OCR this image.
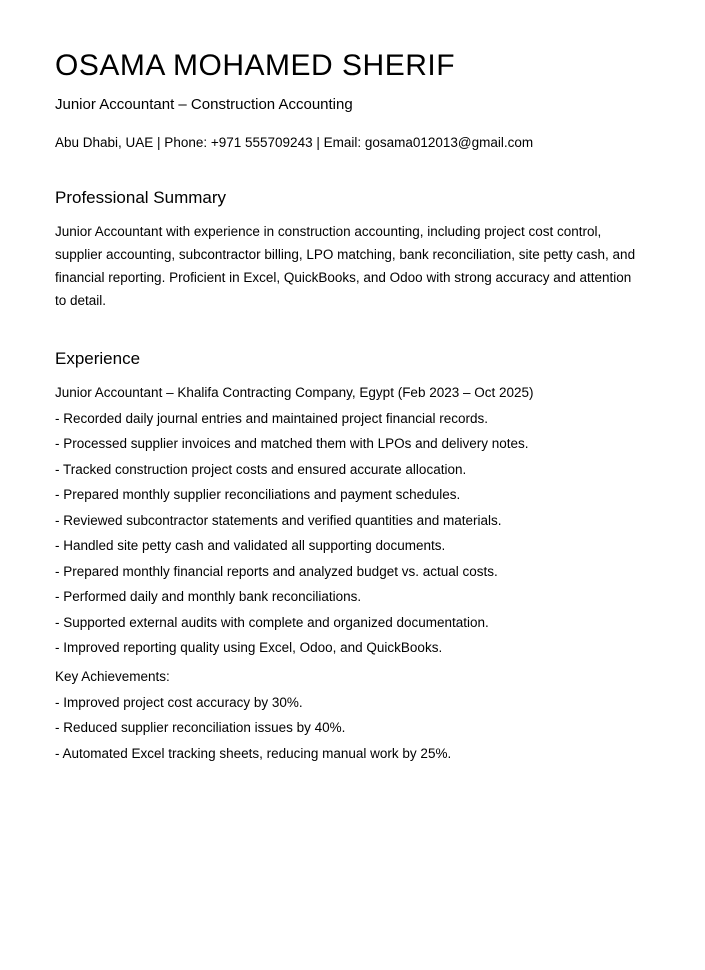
OSAMA MOHAMED SHERIF

Junior Accountant – Construction Accounting

Abu Dhabi, UAE | Phone: +971 555709243 | Email: gosama012013@gmail.com

Professional Summary

Junior Accountant with experience in construction accounting, including project cost control, supplier accounting, subcontractor billing, LPO matching, bank reconciliation, site petty cash, and financial reporting. Proficient in Excel, QuickBooks, and Odoo with strong accuracy and attention to detail.

Experience

Junior Accountant – Khalifa Contracting Company, Egypt (Feb 2023 – Oct 2025)

- Recorded daily journal entries and maintained project financial records.

- Processed supplier invoices and matched them with LPOs and delivery notes.

- Tracked construction project costs and ensured accurate allocation.

- Prepared monthly supplier reconciliations and payment schedules.

- Reviewed subcontractor statements and verified quantities and materials.

- Handled site petty cash and validated all supporting documents.

- Prepared monthly financial reports and analyzed budget vs. actual costs.

- Performed daily and monthly bank reconciliations.

- Supported external audits with complete and organized documentation.

- Improved reporting quality using Excel, Odoo, and QuickBooks.

Key Achievements:

- Improved project cost accuracy by 30%.

- Reduced supplier reconciliation issues by 40%.

- Automated Excel tracking sheets, reducing manual work by 25%.
